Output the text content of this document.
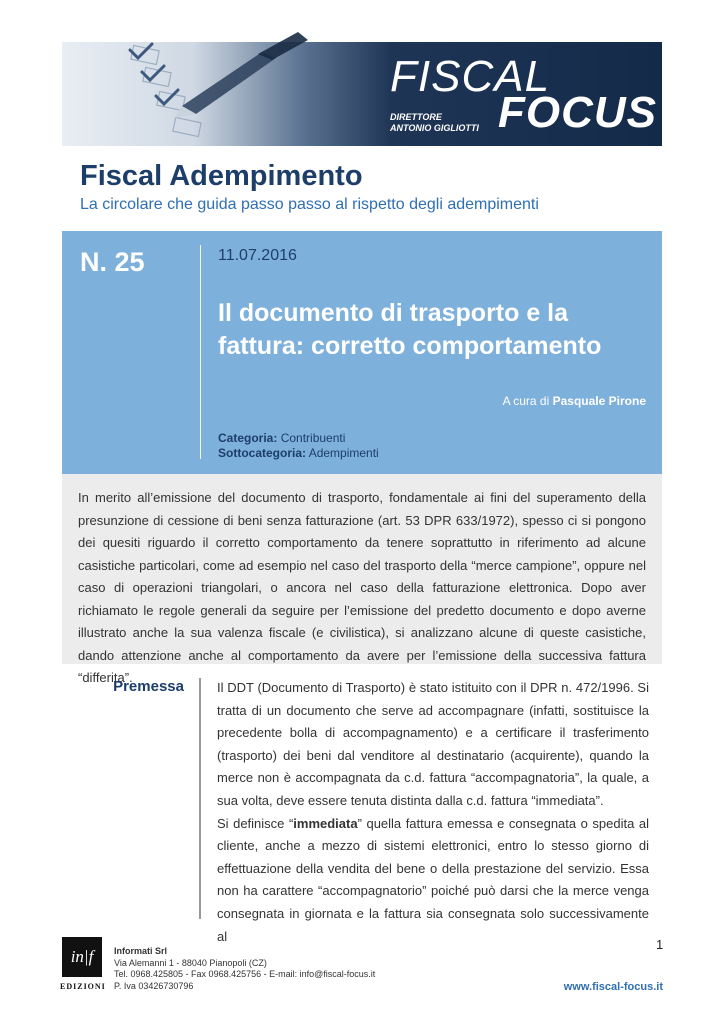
FISCAL
FOCUS
DIRETTORE
ANTONIO GIGLIOTTI
Fiscal Adempimento
La circolare che guida passo passo al rispetto degli adempimenti
N. 25	11.07.2016
Il documento di trasporto e la fattura: corretto comportamento
A cura di Pasquale Pirone
Categoria: Contribuenti
Sottocategoria: Adempimenti
In merito all’emissione del documento di trasporto, fondamentale ai fini del superamento della presunzione di cessione di beni senza fatturazione (art. 53 DPR 633/1972), spesso ci si pongono dei quesiti riguardo il corretto comportamento da tenere soprattutto in riferimento ad alcune casistiche particolari, come ad esempio nel caso del trasporto della “merce campione”, oppure nel caso di operazioni triangolari, o ancora nel caso della fatturazione elettronica. Dopo aver richiamato le regole generali da seguire per l’emissione del predetto documento e dopo averne illustrato anche la sua valenza fiscale (e civilistica), si analizzano alcune di queste casistiche, dando attenzione anche al comportamento da avere per l’emissione della successiva fattura “differita”.
Premessa	Il DDT (Documento di Trasporto) è stato istituito con il DPR n. 472/1996. Si tratta di un documento che serve ad accompagnare (infatti, sostituisce la precedente bolla di accompagnamento) e a certificare il trasferimento (trasporto) dei beni dal venditore al destinatario (acquirente), quando la merce non è accompagnata da c.d. fattura “accompagnatoria”, la quale, a sua volta, deve essere tenuta distinta dalla c.d. fattura “immediata”.

Si definisce “immediata” quella fattura emessa e consegnata o spedita al cliente, anche a mezzo di sistemi elettronici, entro lo stesso giorno di effettuazione della vendita del bene o della prestazione del servizio. Essa non ha carattere “accompagnatorio” poiché può darsi che la merce venga consegnata in giornata e la fattura sia consegnata solo successivamente al

1
in|f
EDIZIONI
Informati Srl
Via Alemanni 1 - 88040 Pianopoli (CZ)
Tel. 0968.425805 - Fax 0968.425756 - E-mail: info@fiscal-focus.it
P. Iva 03426730796	www.fiscal-focus.it
